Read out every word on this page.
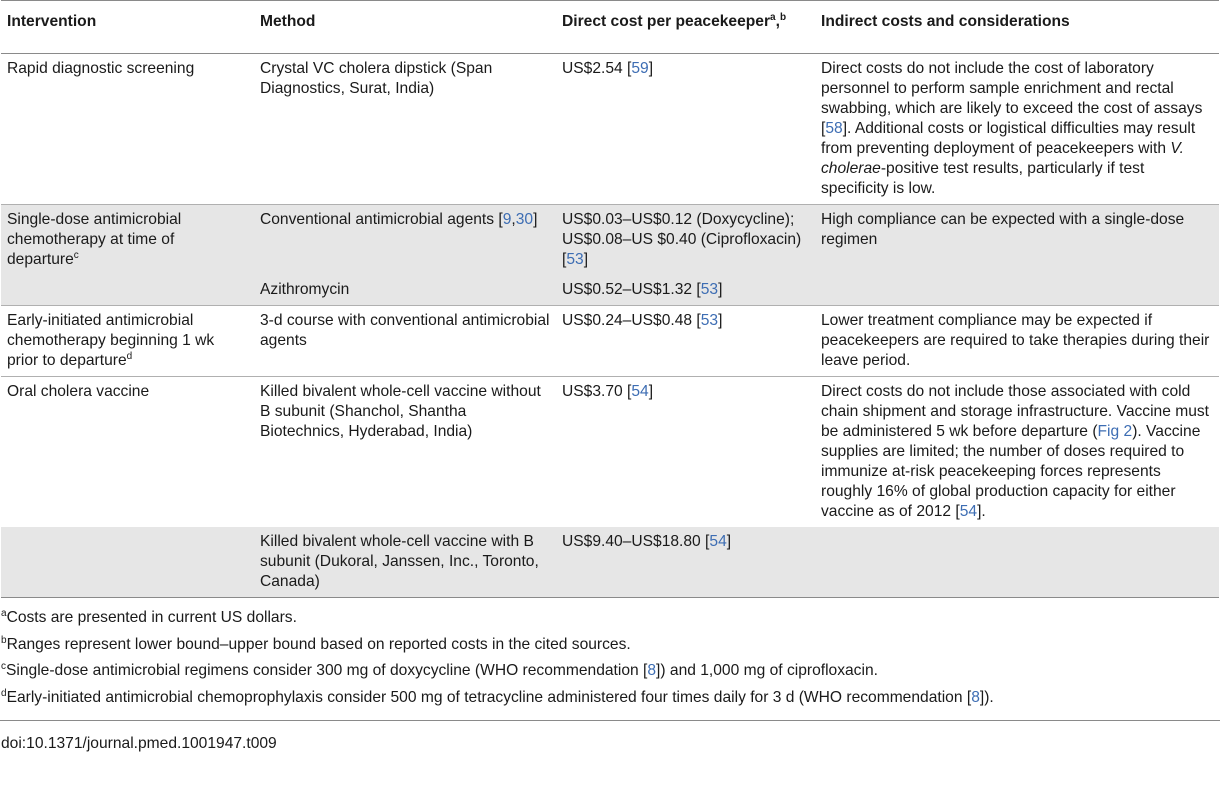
Intervention	Method	Direct cost per peacekeeper$^a$,$^b$	Indirect costs and considerations
Rapid diagnostic screening	Crystal VC cholera dipstick (Span Diagnostics, Surat, India)	US$2.54 [59]	Direct costs do not include the cost of laboratory personnel to perform sample enrichment and rectal swabbing, which are likely to exceed the cost of assays [58]. Additional costs or logistical difficulties may result from preventing deployment of peacekeepers with V. cholerae-positive test results, particularly if test specificity is low.
Single-dose antimicrobial chemotherapy at time of departure$^c$	Conventional antimicrobial agents [9,30]	US$0.03–US$0.12 (Doxycycline); US$0.08–US $0.40 (Ciprofloxacin) [53]	High compliance can be expected with a single-dose regimen
	Azithromycin	US$0.52–US$1.32 [53]	
Early-initiated antimicrobial chemotherapy beginning 1 wk prior to departure$^d$	3-d course with conventional antimicrobial agents	US$0.24–US$0.48 [53]	Lower treatment compliance may be expected if peacekeepers are required to take therapies during their leave period.
Oral cholera vaccine	Killed bivalent whole-cell vaccine without B subunit (Shanchol, Shantha Biotechnics, Hyderabad, India)	US$3.70 [54]	Direct costs do not include those associated with cold chain shipment and storage infrastructure. Vaccine must be administered 5 wk before departure (Fig 2). Vaccine supplies are limited; the number of doses required to immunize at-risk peacekeeping forces represents roughly 16% of global production capacity for either vaccine as of 2012 [54].
	Killed bivalent whole-cell vaccine with B subunit (Dukoral, Janssen, Inc., Toronto, Canada)	US$9.40–US$18.80 [54]	
$^a$Costs are presented in current US dollars.
$^b$Ranges represent lower bound–upper bound based on reported costs in the cited sources.
$^c$Single-dose antimicrobial regimens consider 300 mg of doxycycline (WHO recommendation [8]) and 1,000 mg of ciprofloxacin.
$^d$Early-initiated antimicrobial chemoprophylaxis consider 500 mg of tetracycline administered four times daily for 3 d (WHO recommendation [8]).
doi:10.1371/journal.pmed.1001947.t009
